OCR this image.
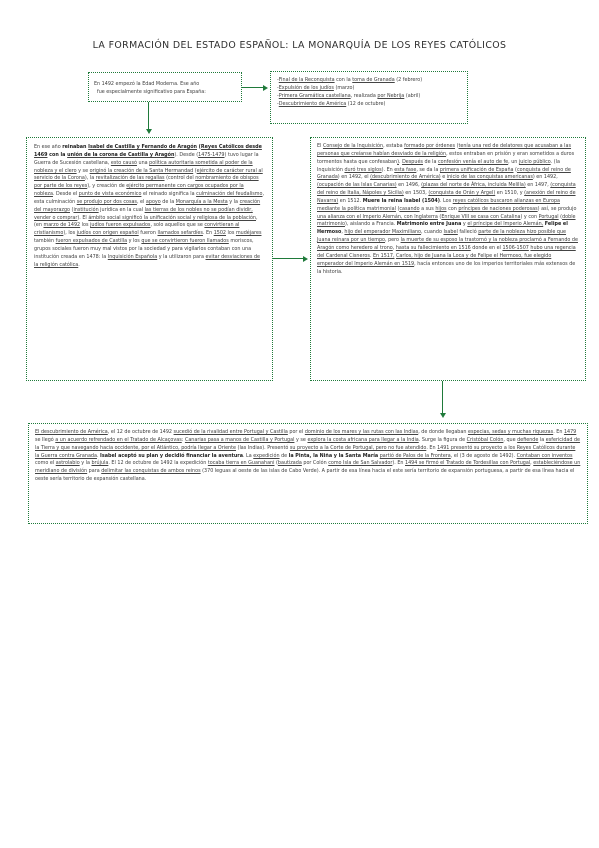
LA FORMACIÓN DEL ESTADO ESPAÑOL: LA MONARQUÍA DE LOS REYES CATÓLICOS
En 1492 empezó la Edad Moderna. Ese año
fue especialmente significativo para España:

-Final de la Reconquista con la toma de Granada (2 febrero)

-Expulsión de los judíos (marzo)

-Primera Gramática castellana, realizada por Nebrija (abril)

-Descubrimiento de América (12 de octubre)

En ese año reinaban Isabel de Castilla y Fernando de Aragón (Reyes Católicos desde 1469 con la unión de la corona de Castilla y Aragón). Desde (1475-1479) tuvo lugar la Guerra de Sucesión castellana, esto causó una política autoritaria sometida al poder de la nobleza y el clero y se originó la creación de la Santa Hermandad (ejército de carácter rural al servicio de la Corona), la revitalización de las regalías (control del nombramiento de obispos por parte de los reyes), y creación de ejército permanente con cargos ocupados por la nobleza. Desde el punto de vista económico el reinado significa la culminación del feudalismo, esta culminación se produjo por dos cosas, el apoyo de la Monarquía a la Mesta y la creación del mayorazgo (institución jurídica en la cual las tierras de los nobles no se podían dividir, vender o comprar). El ámbito social significó la unificación social y religiosa de la población, (en marzo de 1492 los judíos fueron expulsados, solo aquellos que se convirtieran al cristianismo), los judíos con origen español fueron llamados sefardíes. En 1502 los mudéjares también fueron expulsados de Castilla y los que se convirtieron fueron llamados moriscos, grupos sociales fueron muy mal vistos por la sociedad y para vigilarlos contaban con una institución creada en 1478: la Inquisición Española y la utilizaron para evitar desviaciones de la religión católica.
El Consejo de la Inquisición, estaba formado por órdenes (tenía una red de delatores que acusaban a las personas que creíanse habían desviado de la religión, estos entraban en prisión y eran sometidos a duros tormentos hasta que confesaban). Después de la confesión venía el auto de fe, un juicio público. (la Inquisición duró tres siglos). En esta fase, se da la primera unificación de España (conquista del reino de Granada) en 1492, el (descubrimiento de América) e inicio de las conquistas americanas) en 1492, (ocupación de las Islas Canarias) en 1496, (plazas del norte de África, incluida Melilla) en 1497, (conquista del reino de Italia, Nápoles y Sicilia) en 1503, (conquista de Orán y Argel) en 1510, y (anexión del reino de Navarra) en 1512. Muere la reina Isabel (1504). Los reyes católicos buscaron alianzas en Europa mediante la política matrimonial (casando a sus hijos con príncipes de naciones poderosas) así, se produjo una alianza con el Imperio Alemán, con Inglaterra (Enrique VIII se casa con Catalina) y con Portugal (doble matrimonio), aislando a Francia. Matrimonio entre Juana y el príncipe del Imperio Alemán, Felipe el Hermoso, hijo del emperador Maximiliano, cuando Isabel falleció parte de la nobleza hizo posible que Juana reinara por un tiempo, pero la muerte de su esposo la trastornó y la nobleza proclamó a Fernando de Aragón como heredero al trono, hasta su fallecimiento en 1516 donde en el 1506-1507 hubo una regencia del Cardenal Cisneros. En 1517, Carlos, hijo de Juana la Loca y de Felipe el Hermoso, fue elegido emperador del Imperio Alemán en 1519, hacía entonces uno de los imperios territoriales más extensos de la historia.
El descubrimiento de América, el 12 de octubre de 1492 sucedió de la rivalidad entre Portugal y Castilla por el dominio de los mares y las rutas con las Indias, de donde llegaban especias, sedas y muchas riquezas. En 1479 se llegó a un acuerdo refrendado en el Tratado de Alcaçovas: Canarias pasa a manos de Castilla y Portugal y se explora la costa africana para llegar a la India. Surge la figura de Cristóbal Colón, que defiende la esfericidad de la Tierra y que navegando hacia occidente, por el Atlántico, podría llegar a Oriente (las Indias). Presentó su proyecto a la Corte de Portugal, pero no fue atendido. En 1491 presentó su proyecto a los Reyes Católicos durante la Guerra contra Granada. Isabel aceptó su plan y decidió financiar la aventura. La expedición de la Pinta, la Niña y la Santa María partió de Palos de la Frontera, el (3 de agosto de 1492). Contaban con inventos como el astrolabio y la brújula. El 12 de octubre de 1492 la expedición tocaba tierra en Guanahani (bautizada por Colón como Isla de San Salvador). En 1494 se firmó el Tratado de Tordesillas con Portugal, estableciéndose un meridiano de división para delimitar las conquistas de ambos reinos (370 leguas al oeste de las islas de Cabo Verde). A partir de esa línea hacia el este sería territorio de expansión portuguesa, a partir de esa línea hacia el oeste sería territorio de expansión castellana.
